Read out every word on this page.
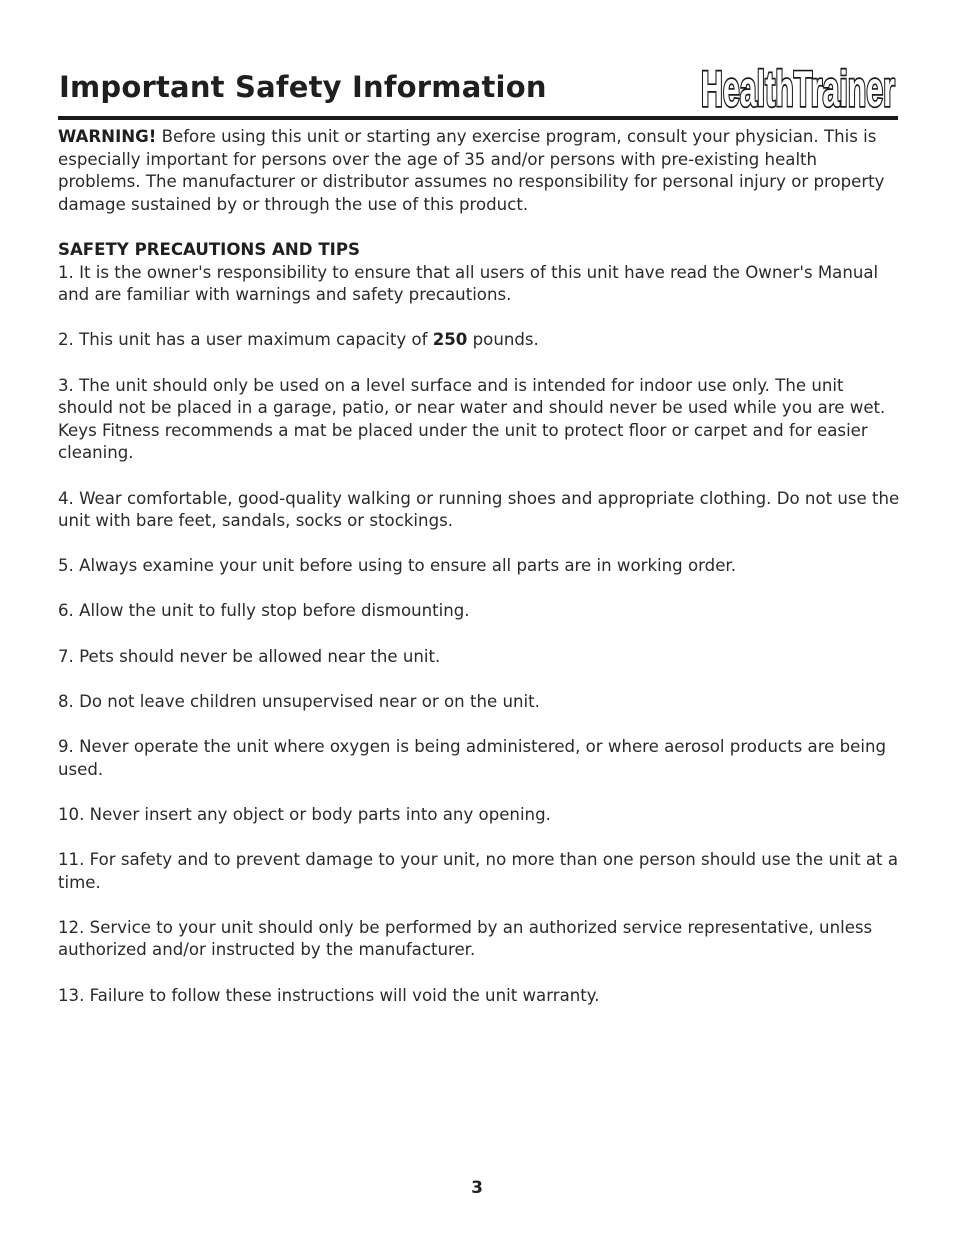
Important Safety Information	HealthTrainer
HealthTrainer

WARNING! Before using this unit or starting any exercise program, consult your physician. This is especially important for persons over the age of 35 and/or persons with pre-existing health problems. The manufacturer or distributor assumes no responsibility for personal injury or property damage sustained by or through the use of this product.

SAFETY PRECAUTIONS AND TIPS

1. It is the owner's responsibility to ensure that all users of this unit have read the Owner's Manual and are familiar with warnings and safety precautions.

2. This unit has a user maximum capacity of 250 pounds.

3. The unit should only be used on a level surface and is intended for indoor use only. The unit should not be placed in a garage, patio, or near water and should never be used while you are wet. Keys Fitness recommends a mat be placed under the unit to protect floor or carpet and for easier cleaning.

4. Wear comfortable, good-quality walking or running shoes and appropriate clothing. Do not use the unit with bare feet, sandals, socks or stockings.

5. Always examine your unit before using to ensure all parts are in working order.

6. Allow the unit to fully stop before dismounting.

7. Pets should never be allowed near the unit.

8. Do not leave children unsupervised near or on the unit.

9. Never operate the unit where oxygen is being administered, or where aerosol products are being used.

10. Never insert any object or body parts into any opening.

11. For safety and to prevent damage to your unit, no more than one person should use the unit at a time.

12. Service to your unit should only be performed by an authorized service representative, unless authorized and/or instructed by the manufacturer.

13. Failure to follow these instructions will void the unit warranty.

3
